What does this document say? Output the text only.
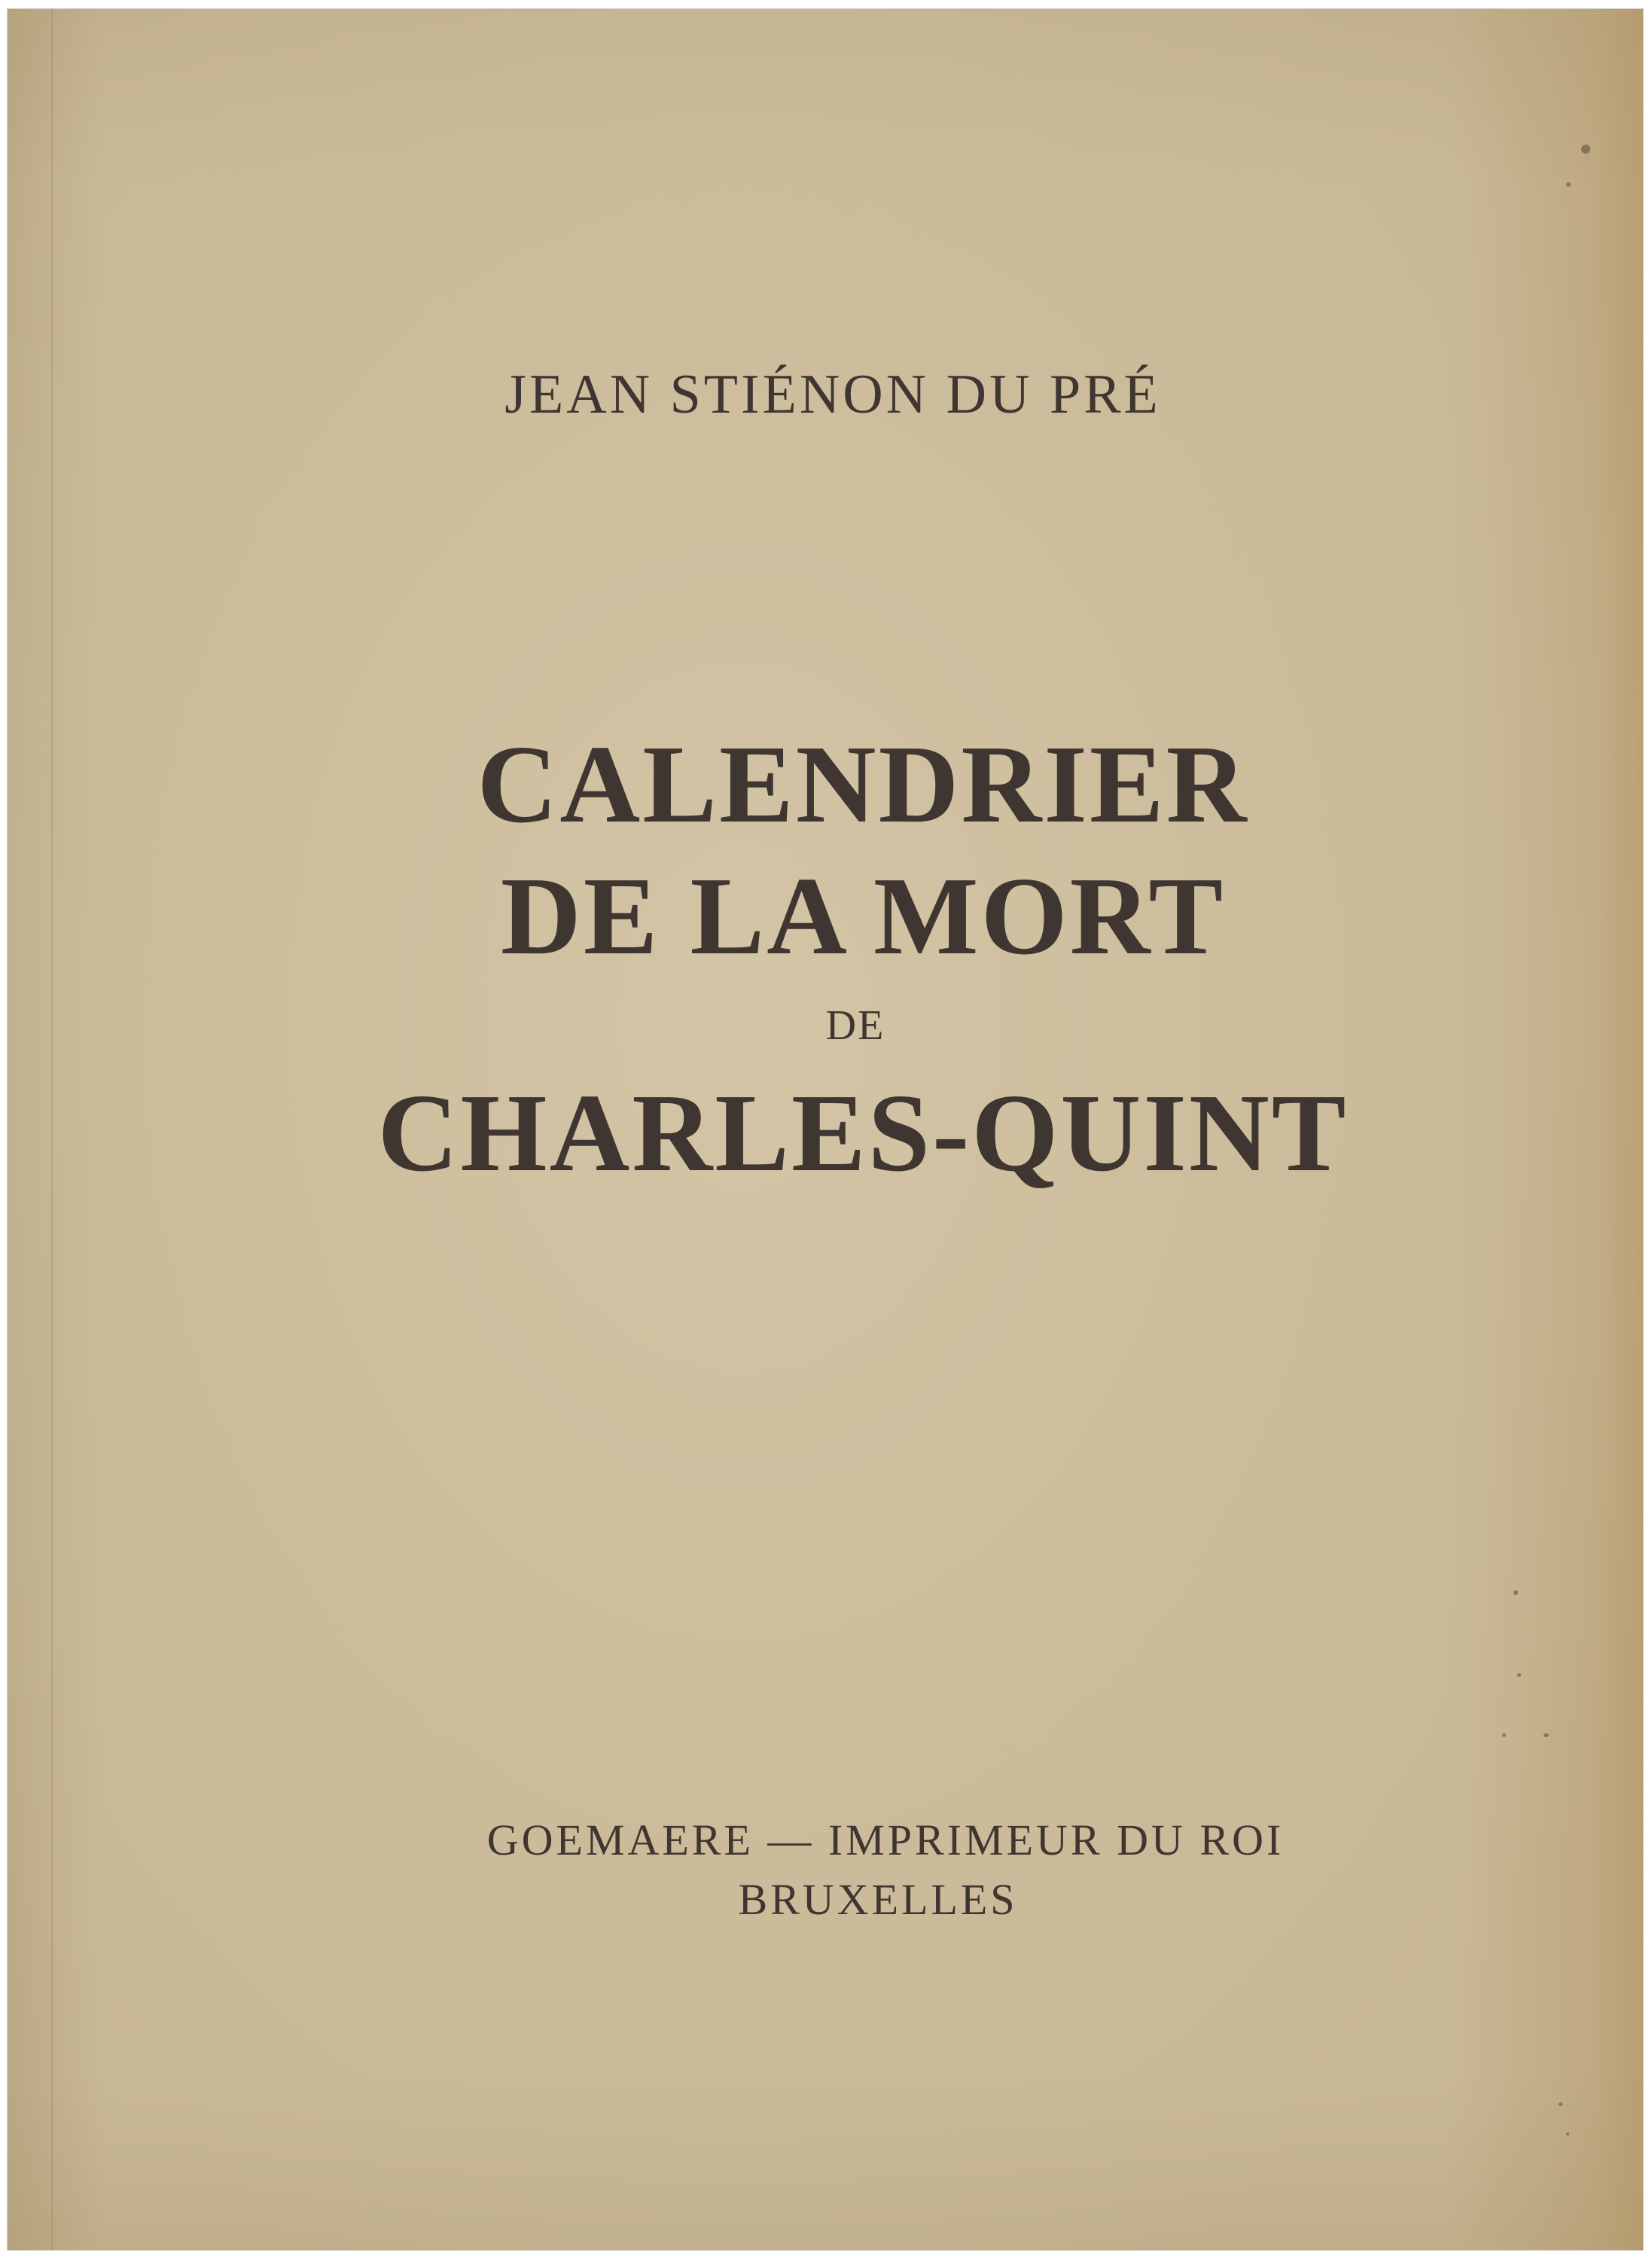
JEAN STIÉNON DU PRÉ
CALENDRIER
DE LA MORT
DE
CHARLES-QUINT
GOEMAERE — IMPRIMEUR DU ROI
BRUXELLES
